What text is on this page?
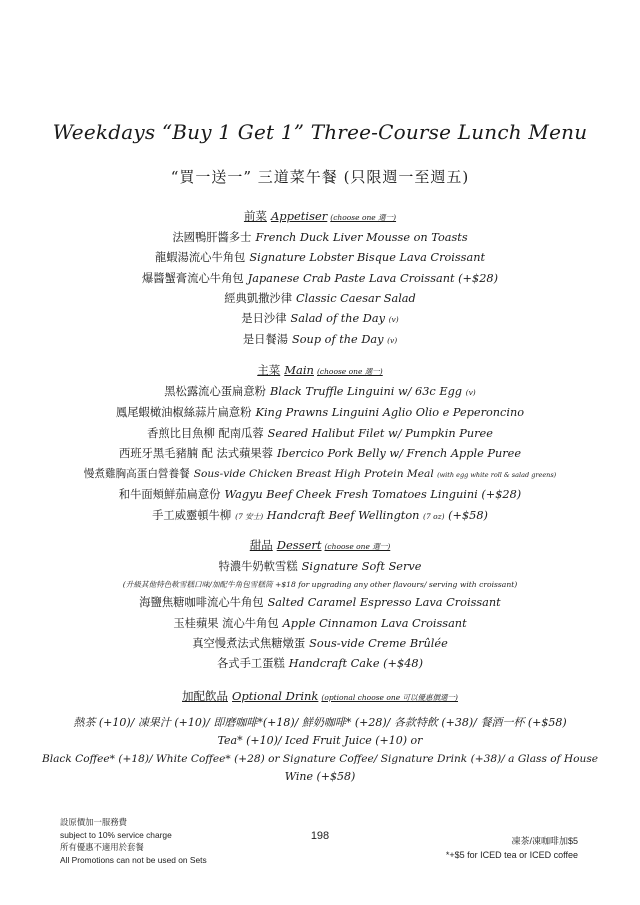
Weekdays “Buy 1 Get 1” Three-Course Lunch Menu
“買一送一” 三道菜午餐 (只限週一至週五)
前菜 Appetiser (choose one 選一)
法國鴨肝醬多士 French Duck Liver Mousse on Toasts
龍蝦湯流心牛角包 Signature Lobster Bisque Lava Croissant
爆醬蟹膏流心牛角包 Japanese Crab Paste Lava Croissant (+$28)
經典凱撒沙律 Classic Caesar Salad
是日沙律 Salad of the Day (v)
是日餐湯 Soup of the Day (v)
主菜 Main (choose one 選一)
黑松露流心蛋扁意粉 Black Truffle Linguini w/ 63c Egg (v)
鳳尾蝦橄油椒絲蒜片扁意粉 King Prawns Linguini Aglio Olio e Peperoncino
香煎比目魚柳 配南瓜蓉 Seared Halibut Filet w/ Pumpkin Puree
西班牙黑毛豬腩 配 法式蘋果蓉 Ibercico Pork Belly w/ French Apple Puree
慢煮雞胸高蛋白營養餐 Sous-vide Chicken Breast High Protein Meal (with egg white roll & salad greens)
和牛面頰鮮茄扁意份 Wagyu Beef Cheek Fresh Tomatoes Linguini (+$28)
手工威靈頓牛柳 (7 安士) Handcraft Beef Wellington (7 oz) (+$58)
甜品 Dessert (choose one 選一)
特濃牛奶軟雪糕 Signature Soft Serve
(升級其他特色軟雪糕口味/加配牛角包雪糕筒 +$18 for upgrading any other flavours/ serving with croissant)
海鹽焦糖咖啡流心牛角包 Salted Caramel Espresso Lava Croissant
玉桂蘋果 流心牛角包 Apple Cinnamon Lava Croissant
真空慢煮法式焦糖燉蛋 Sous-vide Creme Brûlée
各式手工蛋糕 Handcraft Cake (+$48)
加配飲品 Optional Drink (optional choose one 可以優惠價選一)
熱茶 (+10)/ 凍果汁 (+10)/ 即磨咖啡*(+18)/ 鮮奶咖啡* (+28)/ 各款特飲 (+38)/ 餐酒一杯 (+$58)
Tea* (+10)/ Iced Fruit Juice (+10) or
Black Coffee* (+18)/ White Coffee* (+28) or Signature Coffee/ Signature Drink (+38)/ a Glass of House
Wine (+$58)
設原價加一服務費
subject to 10% service charge
所有優惠不適用於套餐
All Promotions can not be used on Sets
198	凍茶/凍咖啡加$5
*+$5 for ICED tea or ICED coffee
